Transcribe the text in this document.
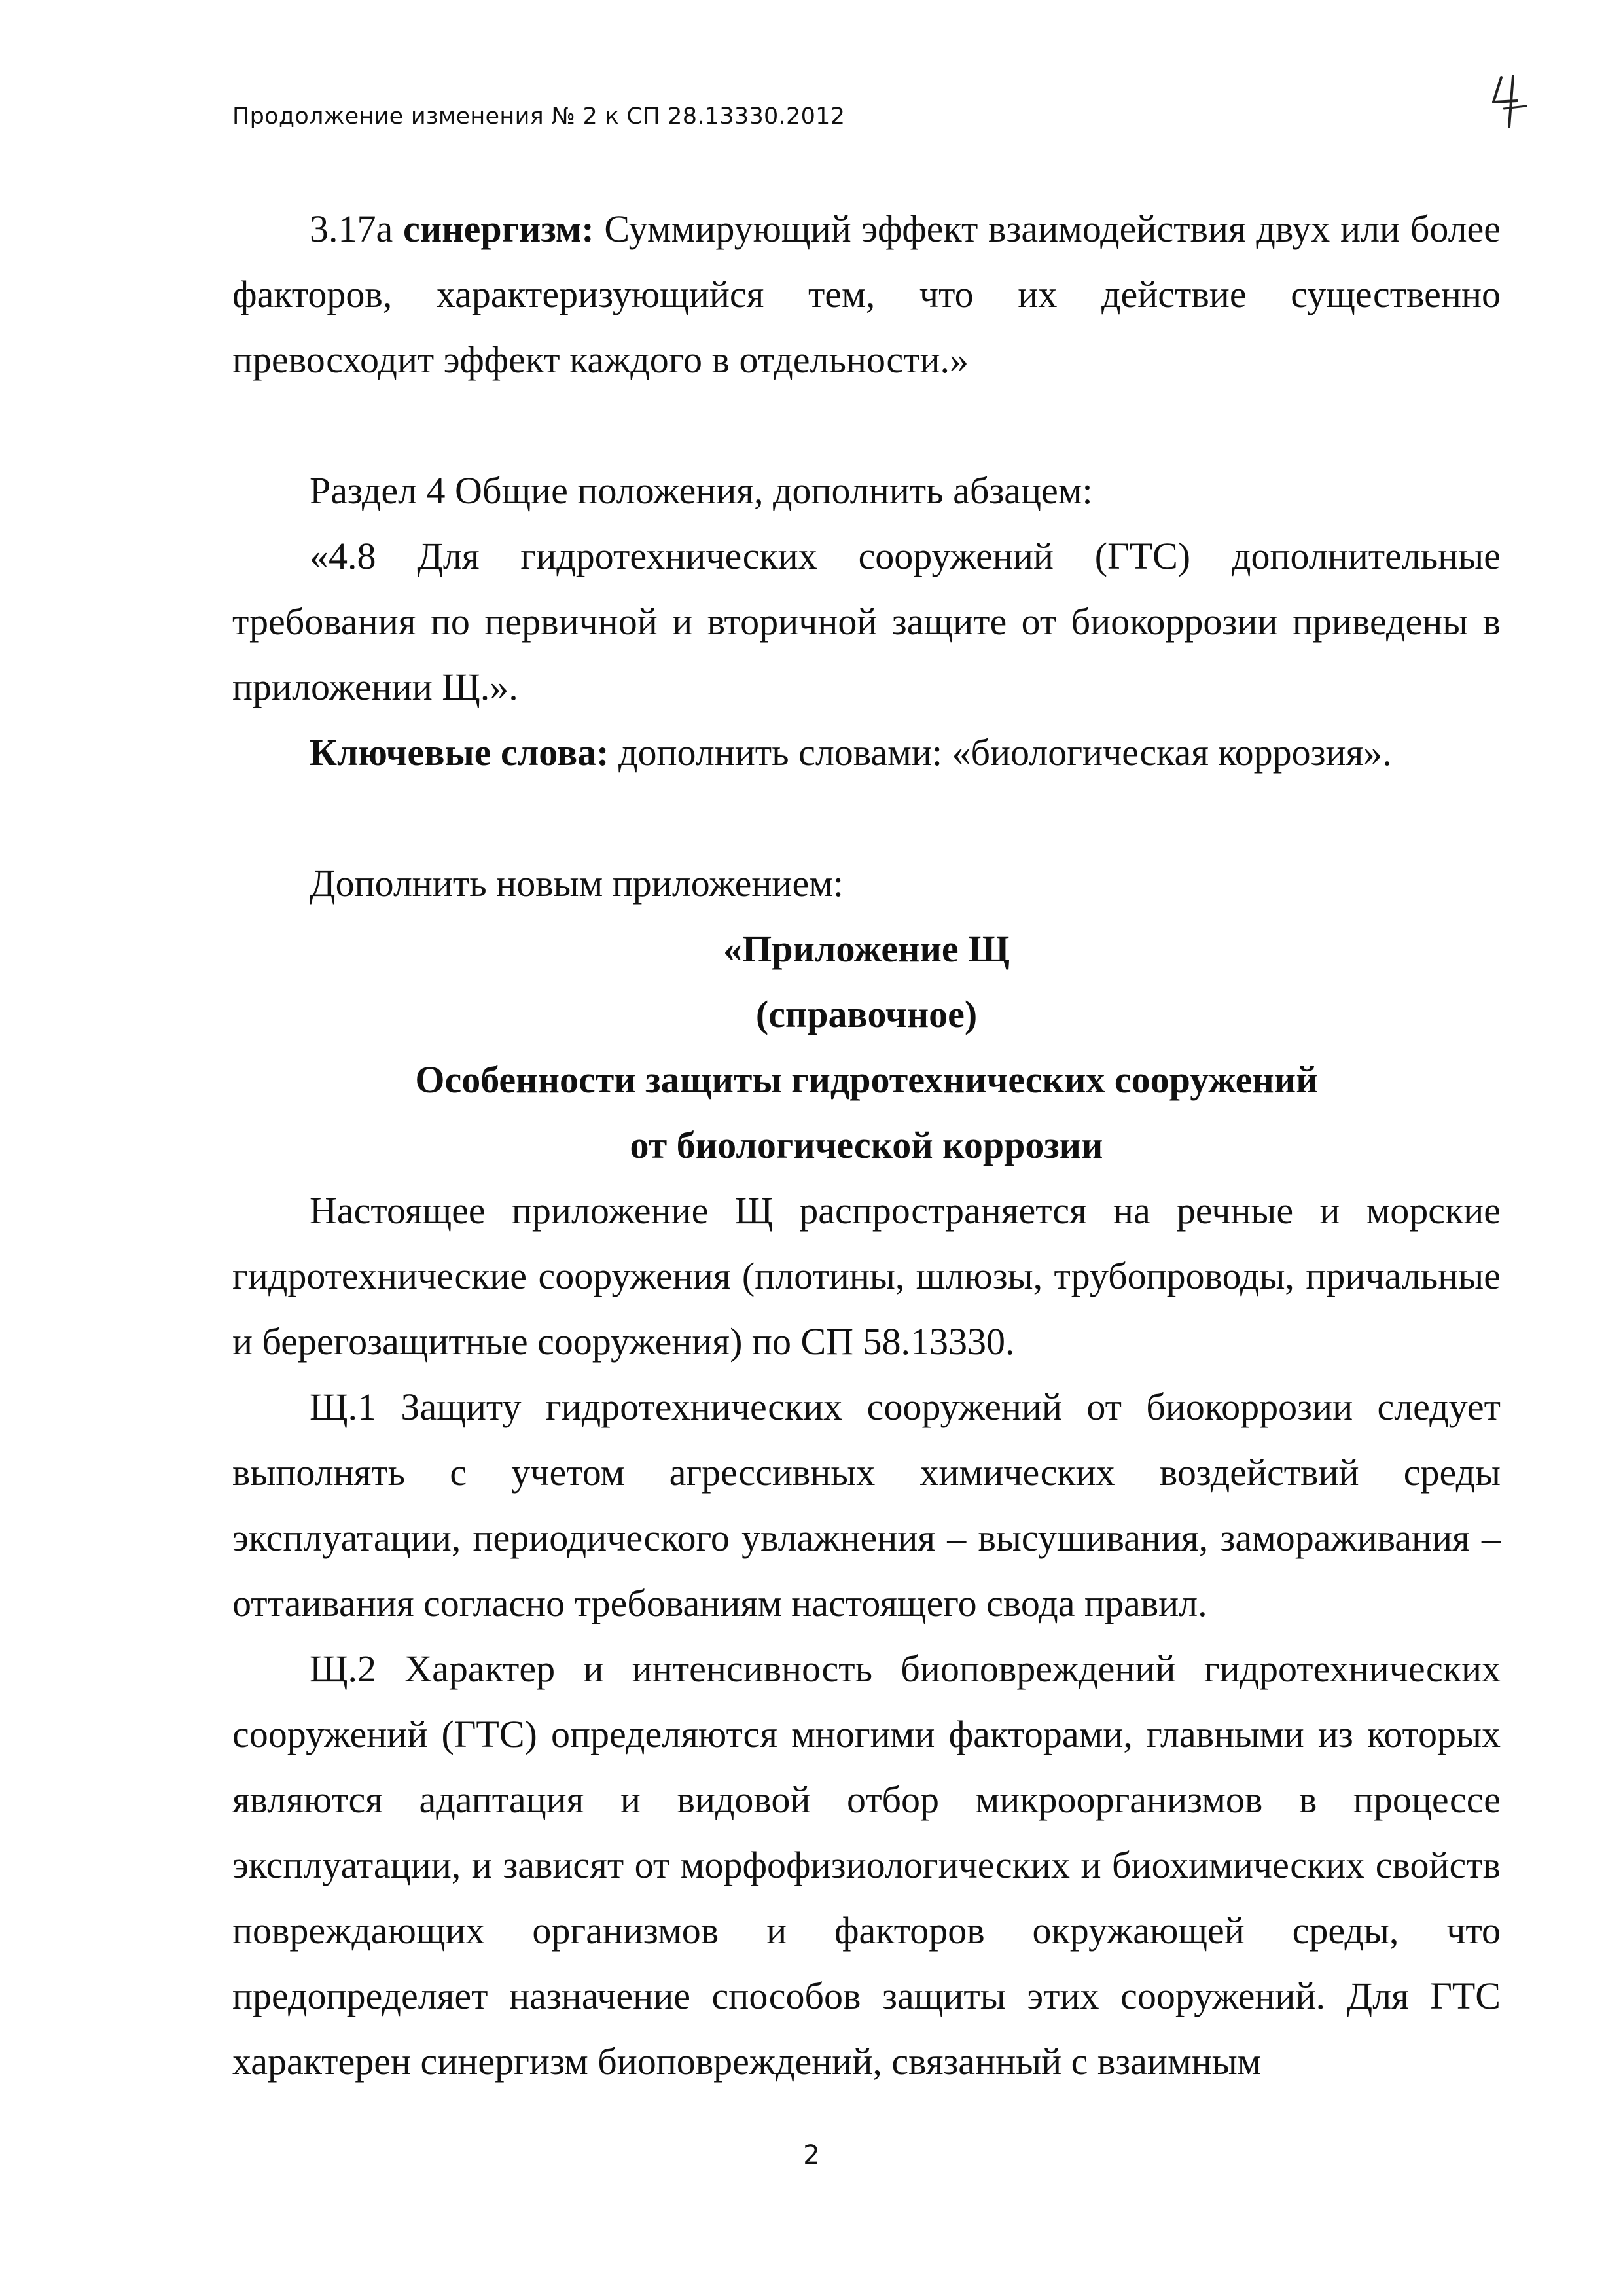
Продолжение изменения № 2 к СП 28.13330.2012

3.17а синергизм: Суммирующий эффект взаимодействия двух или более факторов, характеризующийся тем, что их действие существенно превосходит эффект каждого в отдельности.»

Раздел 4 Общие положения, дополнить абзацем:

«4.8 Для гидротехнических сооружений (ГТС) дополнительные требования по первичной и вторичной защите от биокоррозии приведены в приложении Щ.».

Ключевые слова: дополнить словами: «биологическая коррозия».

Дополнить новым приложением:

«Приложение Щ

(справочное)

Особенности защиты гидротехнических сооружений

от биологической коррозии

Настоящее приложение Щ распространяется на речные и морские гидротехнические сооружения (плотины, шлюзы, трубопроводы, причальные и берегозащитные сооружения) по СП 58.13330.

Щ.1 Защиту гидротехнических сооружений от биокоррозии следует выполнять с учетом агрессивных химических воздействий среды эксплуатации, периодического увлажнения – высушивания, замораживания – оттаивания согласно требованиям настоящего свода правил.

Щ.2 Характер и интенсивность биоповреждений гидротехнических сооружений (ГТС) определяются многими факторами, главными из которых являются адаптация и видовой отбор микроорганизмов в процессе эксплуатации, и зависят от морфофизиологических и биохимических свойств повреждающих организмов и факторов окружающей среды, что предопределяет назначение способов защиты этих сооружений. Для ГТС характерен синергизм биоповреждений, связанный с взаимным

2
